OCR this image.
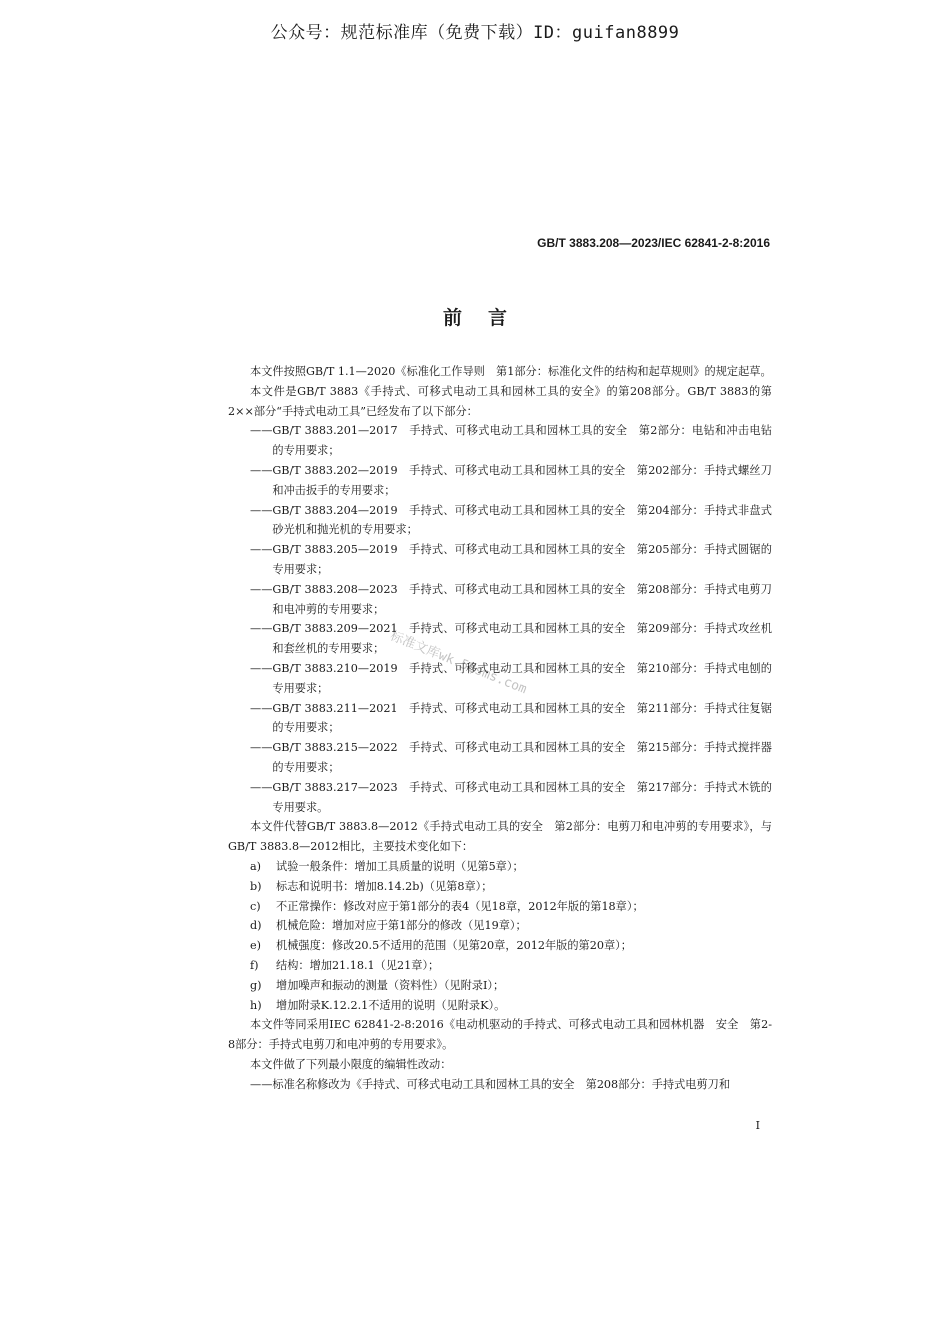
公众号：规范标准库（免费下载）ID：guifan8899
GB/T 3883.208—2023/IEC 62841-2-8:2016
前言
标准文库wk.58sms.com

本文件按照GB/T 1.1—2020《标准化工作导则　第1部分：标准化文件的结构和起草规则》的规定起草。

本文件是GB/T 3883《手持式、可移式电动工具和园林工具的安全》的第208部分。GB/T 3883的第2××部分“手持式电动工具”已经发布了以下部分：

—— GB/T 3883.201—2017　手持式、可移式电动工具和园林工具的安全　第2部分：电钻和冲击电钻的专用要求；
—— GB/T 3883.202—2019　手持式、可移式电动工具和园林工具的安全　第202部分：手持式螺丝刀和冲击扳手的专用要求；
—— GB/T 3883.204—2019　手持式、可移式电动工具和园林工具的安全　第204部分：手持式非盘式砂光机和抛光机的专用要求；
—— GB/T 3883.205—2019　手持式、可移式电动工具和园林工具的安全　第205部分：手持式圆锯的专用要求；
—— GB/T 3883.208—2023　手持式、可移式电动工具和园林工具的安全　第208部分：手持式电剪刀和电冲剪的专用要求；
—— GB/T 3883.209—2021　手持式、可移式电动工具和园林工具的安全　第209部分：手持式攻丝机和套丝机的专用要求；
—— GB/T 3883.210—2019　手持式、可移式电动工具和园林工具的安全　第210部分：手持式电刨的专用要求；
—— GB/T 3883.211—2021　手持式、可移式电动工具和园林工具的安全　第211部分：手持式往复锯的专用要求；
—— GB/T 3883.215—2022　手持式、可移式电动工具和园林工具的安全　第215部分：手持式搅拌器的专用要求；
—— GB/T 3883.217—2023　手持式、可移式电动工具和园林工具的安全　第217部分：手持式木铣的专用要求。

本文件代替GB/T 3883.8—2012《手持式电动工具的安全　第2部分：电剪刀和电冲剪的专用要求》，与GB/T 3883.8—2012相比，主要技术变化如下：

a)	试验一般条件：增加工具质量的说明（见第5章）；
b)	标志和说明书：增加8.14.2b)（见第8章）；
c)	不正常操作：修改对应于第1部分的表4（见18章，2012年版的第18章）；
d)	机械危险：增加对应于第1部分的修改（见19章）；
e)	机械强度：修改20.5不适用的范围（见第20章，2012年版的第20章）；
f)	结构：增加21.18.1（见21章）；
g)	增加噪声和振动的测量（资料性）（见附录I）；
h)	增加附录K.12.2.1不适用的说明（见附录K）。

本文件等同采用IEC 62841-2-8:2016《电动机驱动的手持式、可移式电动工具和园林机器　安全　第2-8部分：手持式电剪刀和电冲剪的专用要求》。

本文件做了下列最小限度的编辑性改动：

—— 标准名称修改为《手持式、可移式电动工具和园林工具的安全　第208部分：手持式电剪刀和
I
